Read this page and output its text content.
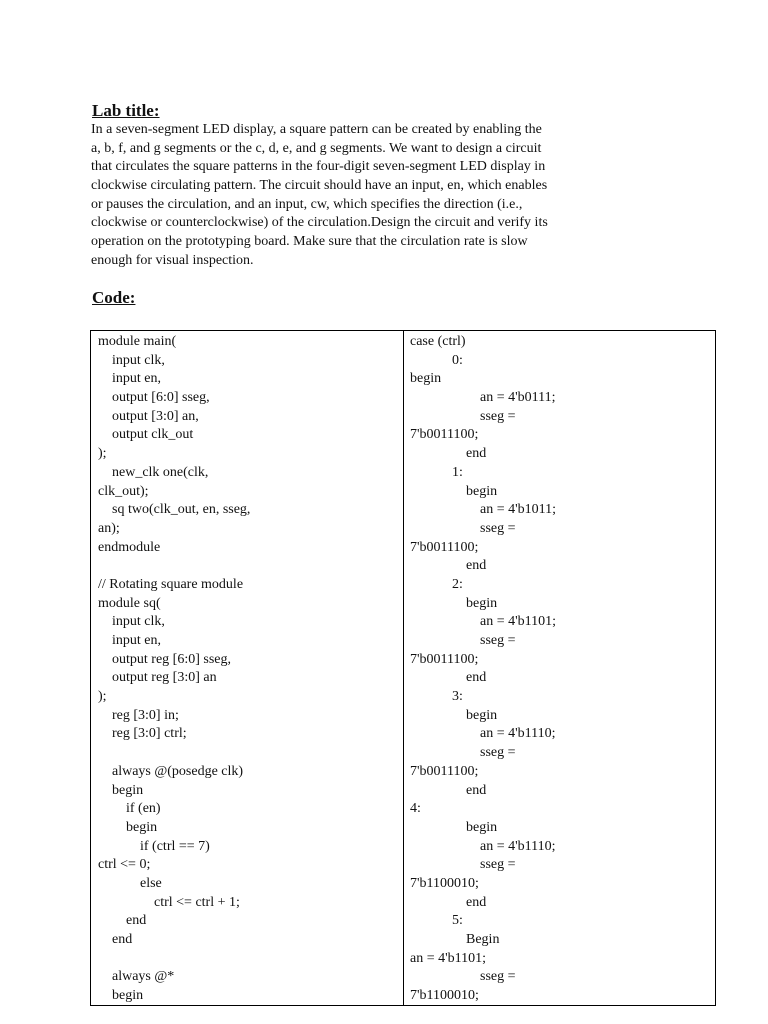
Lab title:
In a seven-segment LED display, a square pattern can be created by enabling the
a, b, f, and g segments or the c, d, e, and g segments. We want to design a circuit
that circulates the square patterns in the four-digit seven-segment LED display in
clockwise circulating pattern. The circuit should have an input, en, which enables
or pauses the circulation, and an input, cw, which specifies the direction (i.e.,
clockwise or counterclockwise) of the circulation.Design the circuit and verify its
operation on the prototyping board. Make sure that the circulation rate is slow
enough for visual inspection.
Code:
module main(
input clk,
input en,
output [6:0] sseg,
output [3:0] an,
output clk_out
);
new_clk one(clk,
clk_out);
sq two(clk_out, en, sseg,
an);
endmodule
// Rotating square module
module sq(
input clk,
input en,
output reg [6:0] sseg,
output reg [3:0] an
);
reg [3:0] in;
reg [3:0] ctrl;
always @(posedge clk)
begin
if (en)
begin
if (ctrl == 7)
ctrl <= 0;
else
ctrl <= ctrl + 1;
end
end
always @*
begin
case (ctrl)
0:
begin
an = 4'b0111;
sseg =
7'b0011100;
end
1:
begin
an = 4'b1011;
sseg =
7'b0011100;
end
2:
begin
an = 4'b1101;
sseg =
7'b0011100;
end
3:
begin
an = 4'b1110;
sseg =
7'b0011100;
end
4:
begin
an = 4'b1110;
sseg =
7'b1100010;
end
5:
Begin
an = 4'b1101;
sseg =
7'b1100010;
